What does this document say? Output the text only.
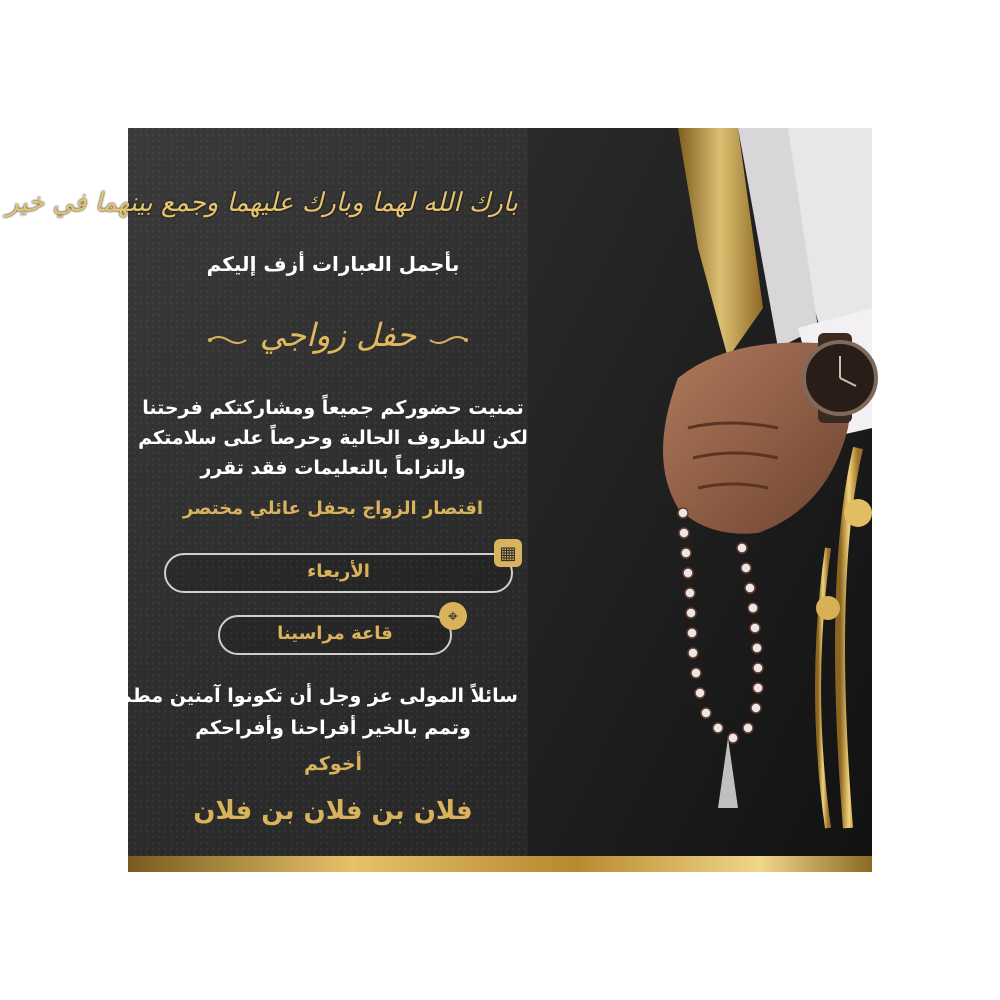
بارك الله لهما وبارك عليهما وجمع بينهما في خير
بأجمل العبارات أزف إليكم
حفل زواجي
تمنيت حضوركم جميعاً ومشاركتكم فرحتنا
لكن للظروف الحالية وحرصاً على سلامتكم
والتزاماً بالتعليمات فقد تقرر
اقتصار الزواج بحفل عائلي مختصر
الأربعاء
▦
قاعة مراسينا
⌖
سائلاً المولى عز وجل أن تكونوا آمنين مطمئنين
وتمم بالخير أفراحنا وأفراحكم
أخوكم
فلان بن فلان بن فلان
